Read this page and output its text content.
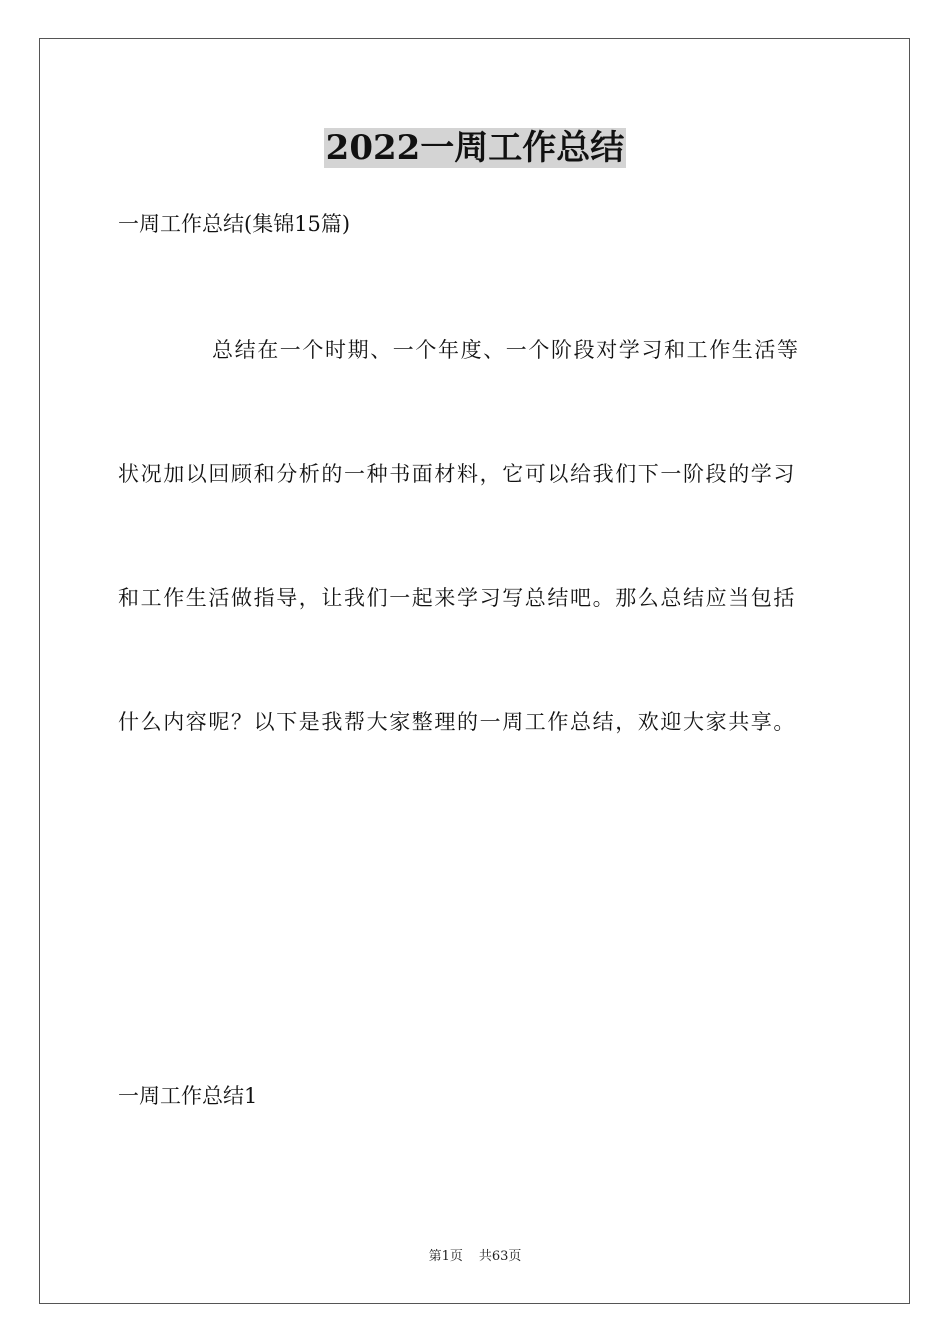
2022一周工作总结
一周工作总结(集锦15篇)
总结在一个时期、一个年度、一个阶段对学习和工作生活等
状况加以回顾和分析的一种书面材料，它可以给我们下一阶段的学习
和工作生活做指导，让我们一起来学习写总结吧。那么总结应当包括
什么内容呢？以下是我帮大家整理的一周工作总结，欢迎大家共享。
一周工作总结1
第1页 共63页
